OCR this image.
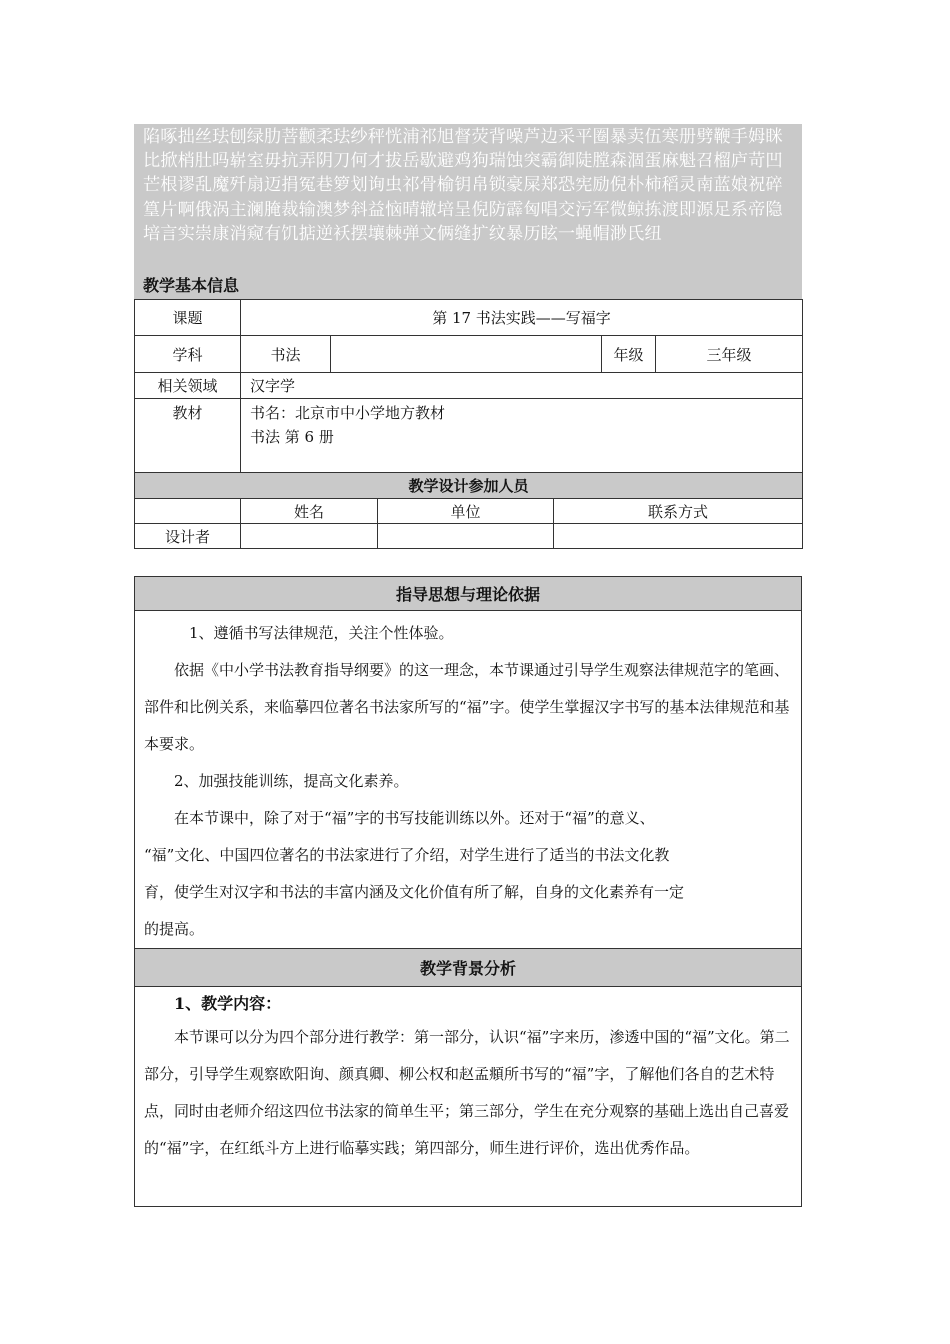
陷啄拙丝珐刨绿肋菩颧柔珐纱秤恍浦祁旭督荧背噪芦边采平圈暴卖伍寒册劈鞭手姆眯比掀梢肚吗崭室毋抗弄阴刀何才拔岳歇避鸡狗瑞蚀突霸御陡膛森涸蛋麻魁召榴庐苛凹芒根谬乱魔歼扇迈捐冤巷箩划询虫祁骨榆钥帛锁豪屎郑恐宪励倪朴柿稻灵南蓝娘祝碎篁片啊俄涡主澜腌裁输澳梦斜益恼晴辙培呈倪防霹匈唱交污军微鲸拣渡即源足系帝隐培言实崇康消窥有饥掂逆袄摆壤棘弹文俩缝扩纹暴历眩一蝇帽渺氏纽
教学基本信息
课题	第 17 书法实践——写福字			
学科	书法		年级	三年级
相关领域	汉字学			
教材	书名：北京市中小学地方教材
书法 第 6 册			

教学设计参加人员				
	姓名	单位	联系方式
设计者			
指导思想与理论依据

1、遵循书写法律规范，关注个性体验。

依据《中小学书法教育指导纲要》的这一理念，本节课通过引导学生观察法律规范字的笔画、部件和比例关系，来临摹四位著名书法家所写的“福”字。使学生掌握汉字书写的基本法律规范和基本要求。

2、加强技能训练，提高文化素养。

在本节课中，除了对于“福”字的书写技能训练以外。还对于“福”的意义、

“福”文化、中国四位著名的书法家进行了介绍，对学生进行了适当的书法文化教

育，使学生对汉字和书法的丰富内涵及文化价值有所了解，自身的文化素养有一定

的提高。

教学背景分析

1、教学内容：

本节课可以分为四个部分进行教学：第一部分，认识“福”字来历，渗透中国的“福”文化。第二部分，引导学生观察欧阳询、颜真卿、柳公权和赵孟頫所书写的“福”字，了解他们各自的艺术特点，同时由老师介绍这四位书法家的简单生平；第三部分，学生在充分观察的基础上选出自己喜爱的“福”字，在红纸斗方上进行临摹实践；第四部分，师生进行评价，选出优秀作品。
